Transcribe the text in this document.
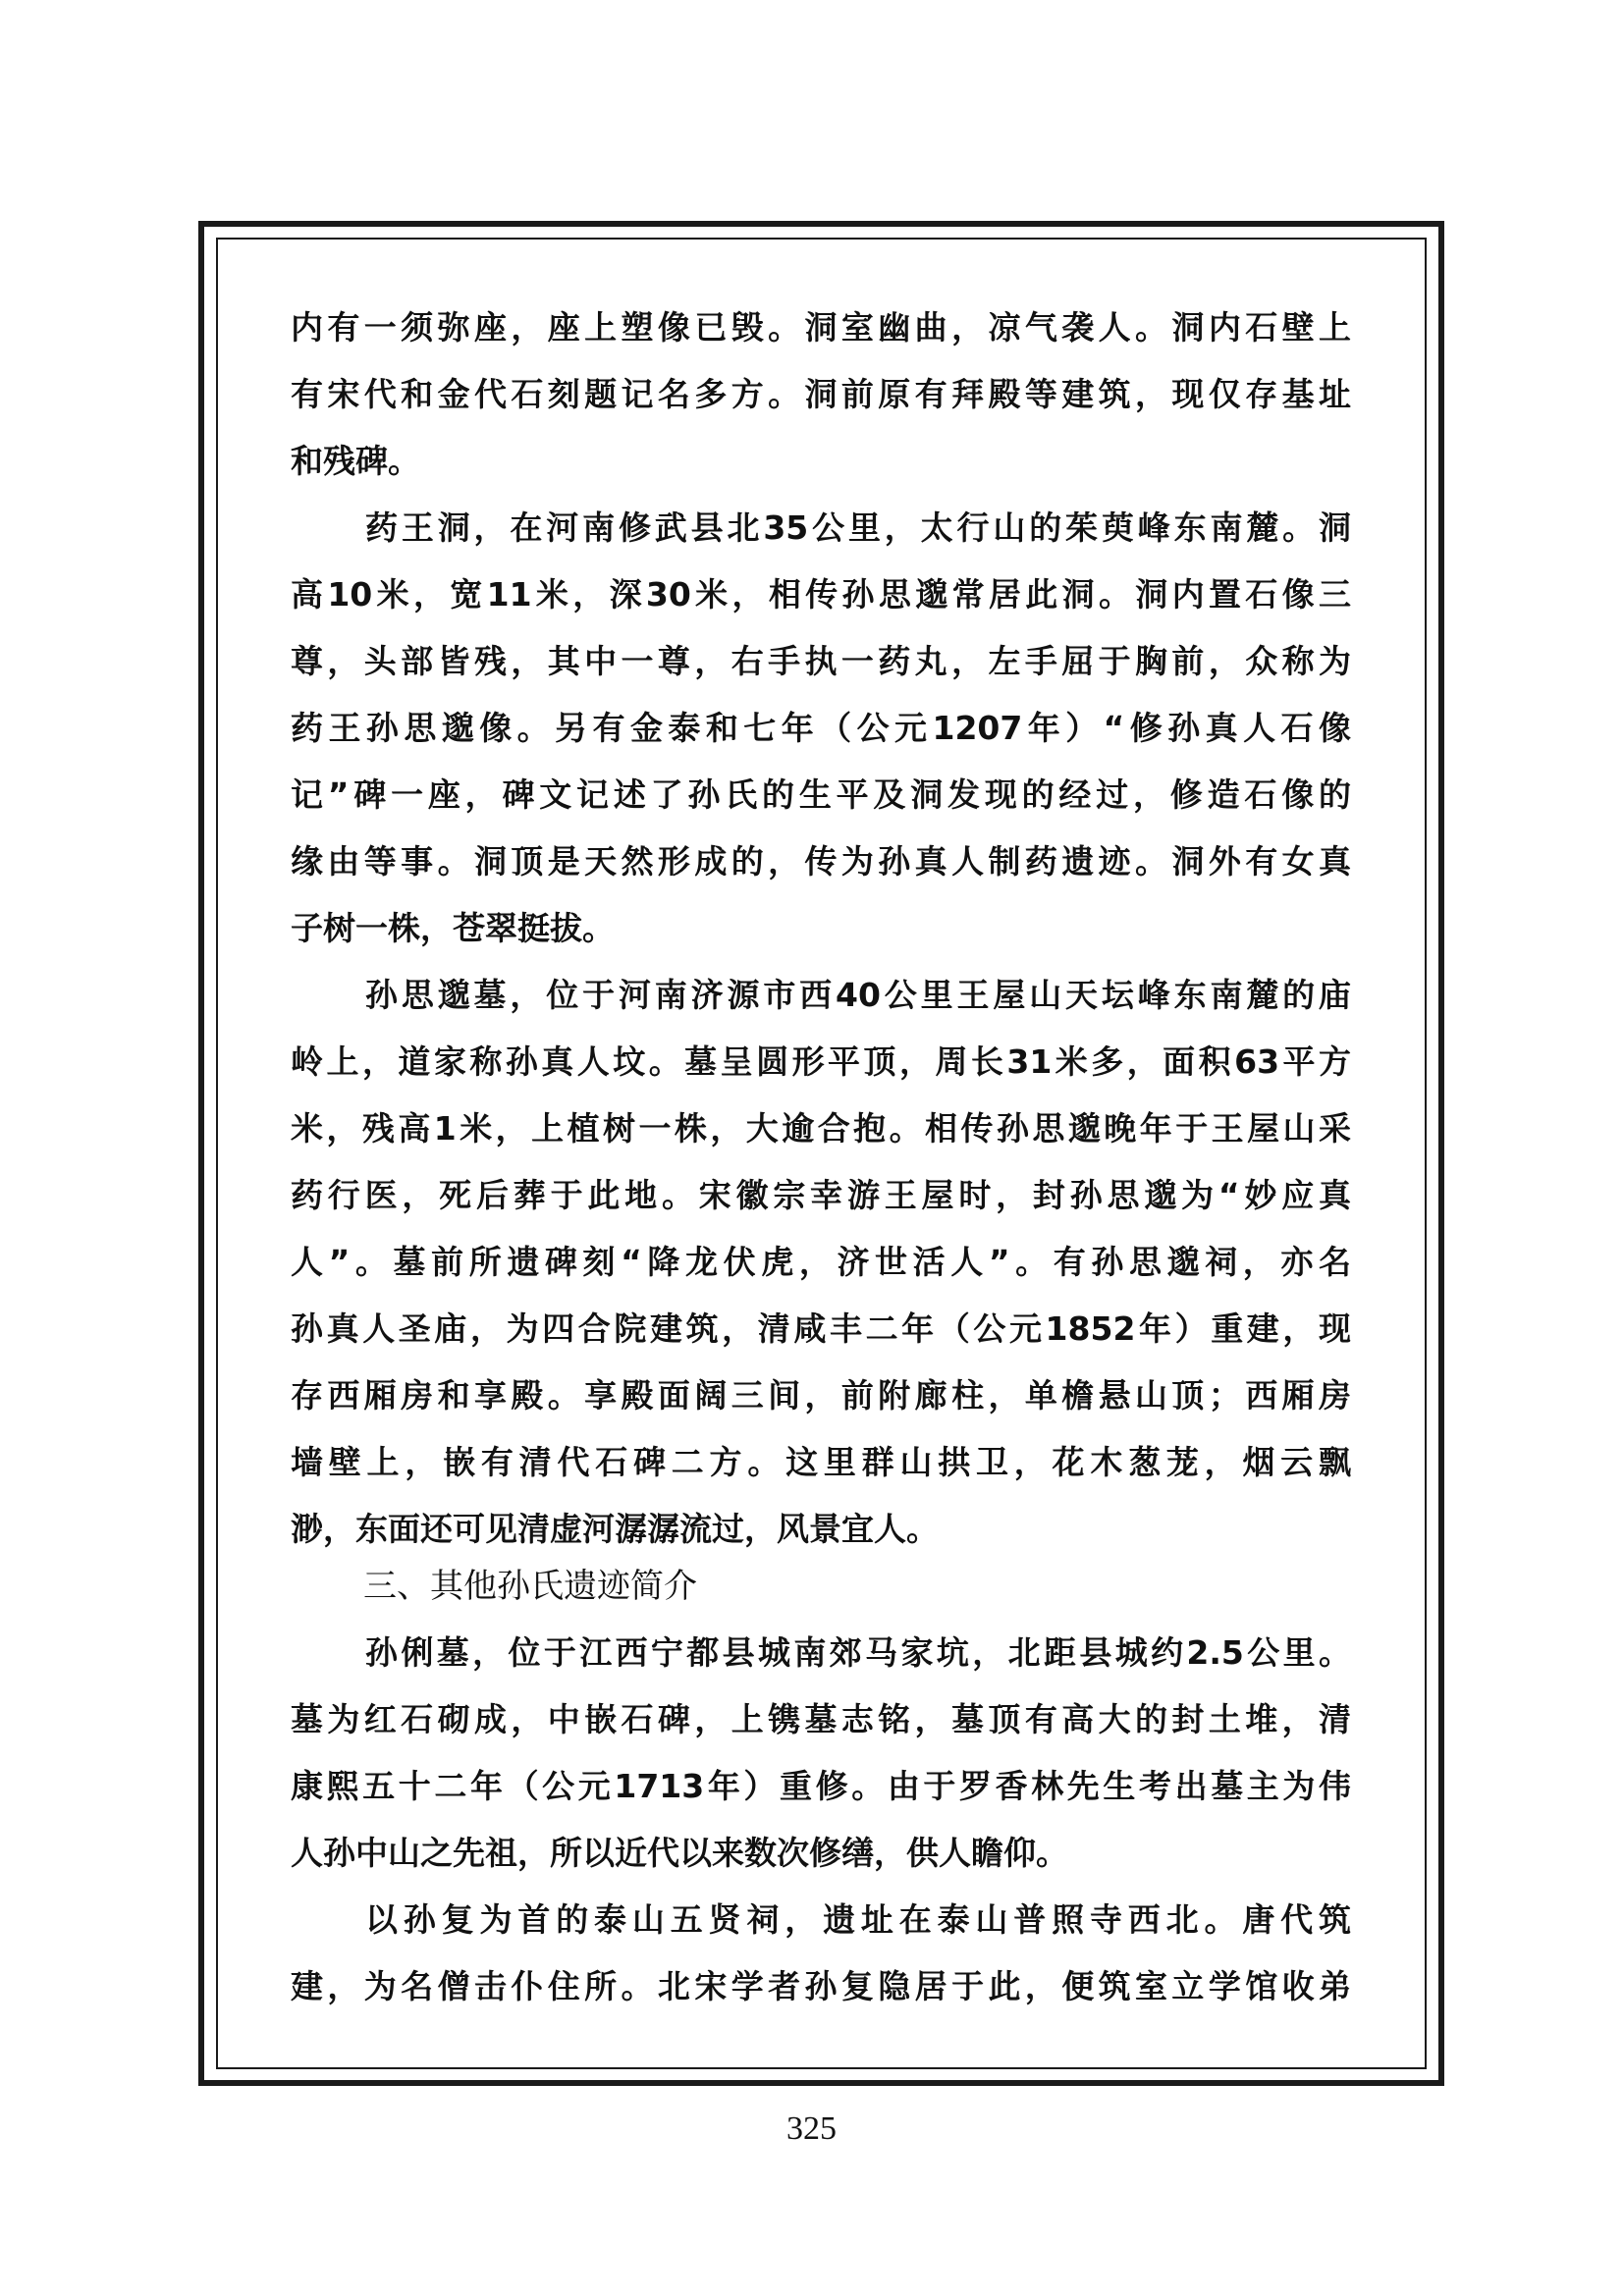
内有一须弥座，座上塑像已毁。洞室幽曲，凉气袭人。洞内石壁上
有宋代和金代石刻题记名多方。洞前原有拜殿等建筑，现仅存基址
和残碑。
药王洞，在河南修武县北35公里，太行山的茱萸峰东南麓。洞
高10米，宽11米，深30米，相传孙思邈常居此洞。洞内置石像三
尊，头部皆残，其中一尊，右手执一药丸，左手屈于胸前，众称为
药王孙思邈像。另有金泰和七年（公元1207年）“修孙真人石像
记”碑一座，碑文记述了孙氏的生平及洞发现的经过，修造石像的
缘由等事。洞顶是天然形成的，传为孙真人制药遗迹。洞外有女真
子树一株，苍翠挺拔。
孙思邈墓，位于河南济源市西40公里王屋山天坛峰东南麓的庙
岭上，道家称孙真人坟。墓呈圆形平顶，周长31米多，面积63平方
米，残高1米，上植树一株，大逾合抱。相传孙思邈晚年于王屋山采
药行医，死后葬于此地。宋徽宗幸游王屋时，封孙思邈为“妙应真
人”。墓前所遗碑刻“降龙伏虎，济世活人”。有孙思邈祠，亦名
孙真人圣庙，为四合院建筑，清咸丰二年（公元1852年）重建，现
存西厢房和享殿。享殿面阔三间，前附廊柱，单檐悬山顶；西厢房
墙壁上，嵌有清代石碑二方。这里群山拱卫，花木葱茏，烟云飘
渺，东面还可见清虚河潺潺流过，风景宜人。
三、其他孙氏遗迹简介
孙俐墓，位于江西宁都县城南郊马家坑，北距县城约2.5公里。
墓为红石砌成，中嵌石碑，上镌墓志铭，墓顶有高大的封土堆，清
康熙五十二年（公元1713年）重修。由于罗香林先生考出墓主为伟
人孙中山之先祖，所以近代以来数次修缮，供人瞻仰。
以孙复为首的泰山五贤祠，遗址在泰山普照寺西北。唐代筑
建，为名僧击仆住所。北宋学者孙复隐居于此，便筑室立学馆收弟
325
